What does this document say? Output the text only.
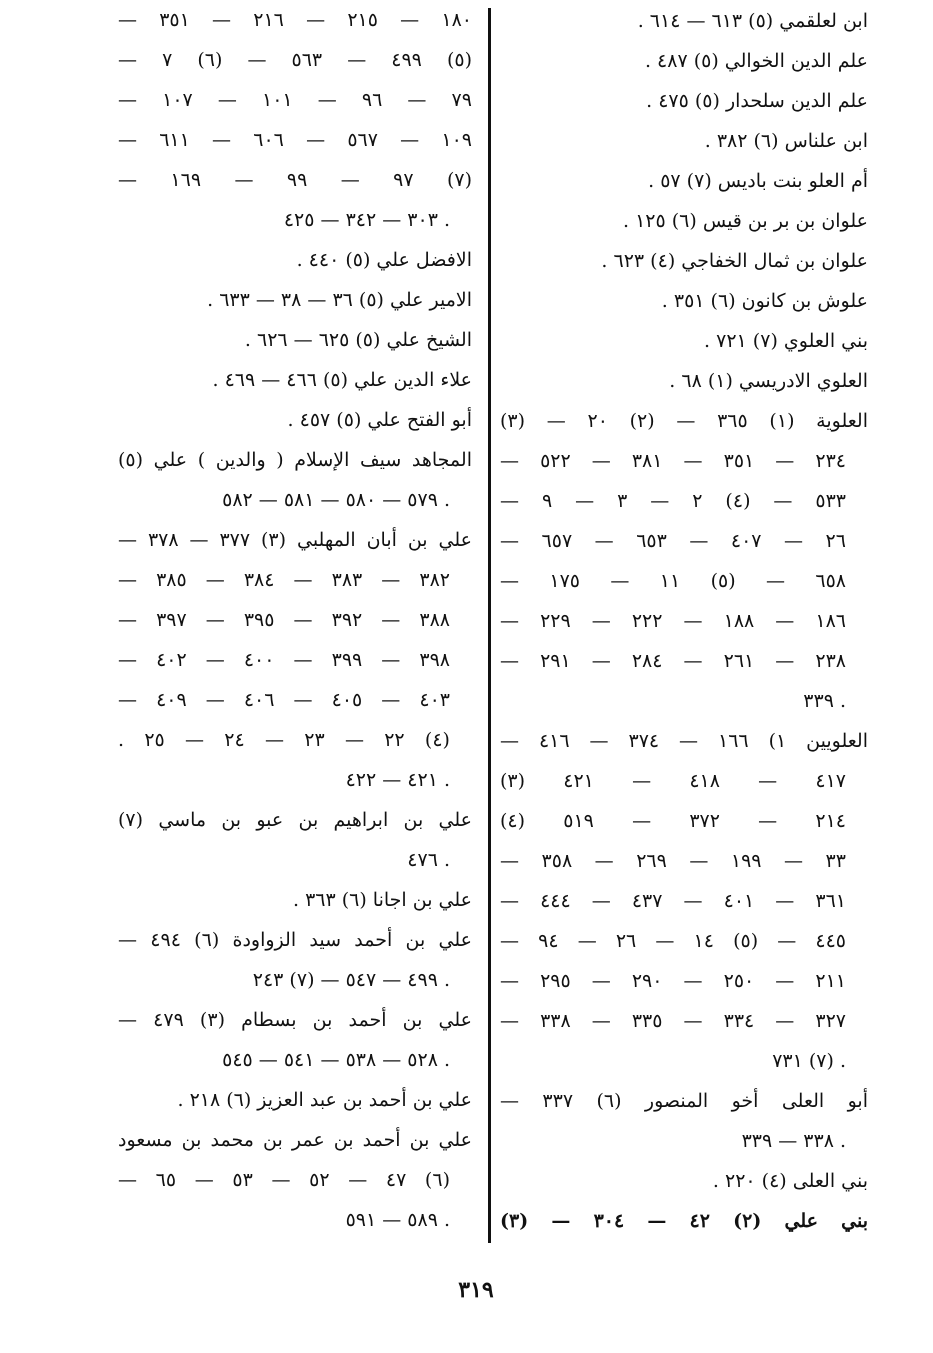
ابن لعلقمي (٥) ٦١٣ — ٦١٤ .
علم الدين الخوالي (٥) ٤٨٧ .
علم الدين سلحدار (٥) ٤٧٥ .
ابن علناس (٦) ٣٨٢ .
أم العلو بنت باديس (٧) ٥٧ .
علوان بن بر بن قيس (٦) ١٢٥ .
علوان بن ثمال الخفاجي (٤) ٦٢٣ .
علوش بن كانون (٦) ٣٥١ .
بني العلوي (٧) ٧٢١ .
العلوي الادريسي (١) ٦٨ .
العلوية (١) ٣٦٥ — (٢) ٢٠ — (٣)
٢٣٤ — ٣٥١ — ٣٨١ — ٥٢٢ —
٥٣٣ — (٤) ٢ — ٣ — ٩ —
٢٦ — ٤٠٧ — ٦٥٣ — ٦٥٧ —
٦٥٨ — (٥) ١١ — ١٧٥ —
١٨٦ — ١٨٨ — ٢٢٢ — ٢٢٩ —
٢٣٨ — ٢٦١ — ٢٨٤ — ٢٩١ —
. ٣٣٩
العلويين ١) ١٦٦ — ٣٧٤ — ٤١٦ —
٤١٧ — ٤١٨ — ٤٢١ (٣)
٢١٤ — ٣٧٢ — ٥١٩ (٤)
٣٣ — ١٩٩ — ٢٦٩ — ٣٥٨ —
٣٦١ — ٤٠١ — ٤٣٧ — ٤٤٤ —
٤٤٥ — (٥) ١٤ — ٢٦ — ٩٤ —
٢١١ — ٢٥٠ — ٢٩٠ — ٢٩٥ —
٣٢٧ — ٣٣٤ — ٣٣٥ — ٣٣٨ —
. (٧) ٧٣١
أبو العلى أخو المنصور (٦) ٣٣٧ —
. ٣٣٨ — ٣٣٩
بني العلى (٤) ٢٢٠ .
بني علي (٢) ٤٢ — ٣٠٤ — (٣)
١٨٠ — ٢١٥ — ٢١٦ — ٣٥١ —
(٥) ٤٩٩ — ٥٦٣ — (٦) ٧ —
٧٩ — ٩٦ — ١٠١ — ١٠٧ —
١٠٩ — ٥٦٧ — ٦٠٦ — ٦١١ —
(٧) ٩٧ — ٩٩ — ١٦٩ —
. ٣٠٣ — ٣٤٢ — ٤٢٥
الافضل علي (٥) ٤٤٠ .
الامير علي (٥) ٣٦ — ٣٨ — ٦٣٣ .
الشيخ علي (٥) ٦٢٥ — ٦٢٦ .
علاء الدين علي (٥) ٤٦٦ — ٤٦٩ .
أبو الفتح علي (٥) ٤٥٧ .
المجاهد سيف الإسلام ( والدين ) علي (٥)
. ٥٧٩ — ٥٨٠ — ٥٨١ — ٥٨٢
علي بن أبان المهلبي (٣) ٣٧٧ — ٣٧٨ —
٣٨٢ — ٣٨٣ — ٣٨٤ — ٣٨٥ —
٣٨٨ — ٣٩٢ — ٣٩٥ — ٣٩٧ —
٣٩٨ — ٣٩٩ — ٤٠٠ — ٤٠٢ —
٤٠٣ — ٤٠٥ — ٤٠٦ — ٤٠٩ —
(٤) ٢٢ — ٢٣ — ٢٤ — ٢٥ .
. ٤٢١ — ٤٢٢
علي بن ابراهيم بن عبو بن ماسي (٧)
. ٤٧٦
علي بن اجانا (٦) ٣٦٣ .
علي بن أحمد سيد الزواودة (٦) ٤٩٤ —
. ٤٩٩ — ٥٤٧ — (٧) ٢٤٣
علي بن أحمد بن بسطام (٣) ٤٧٩ —
. ٥٢٨ — ٥٣٨ — ٥٤١ — ٥٤٥
علي بن أحمد بن عبد العزيز (٦) ٢١٨ .
علي بن أحمد بن عمر بن محمد بن مسعود
(٦) ٤٧ — ٥٢ — ٥٣ — ٦٥ —
. ٥٨٩ — ٥٩١
٣١٩
